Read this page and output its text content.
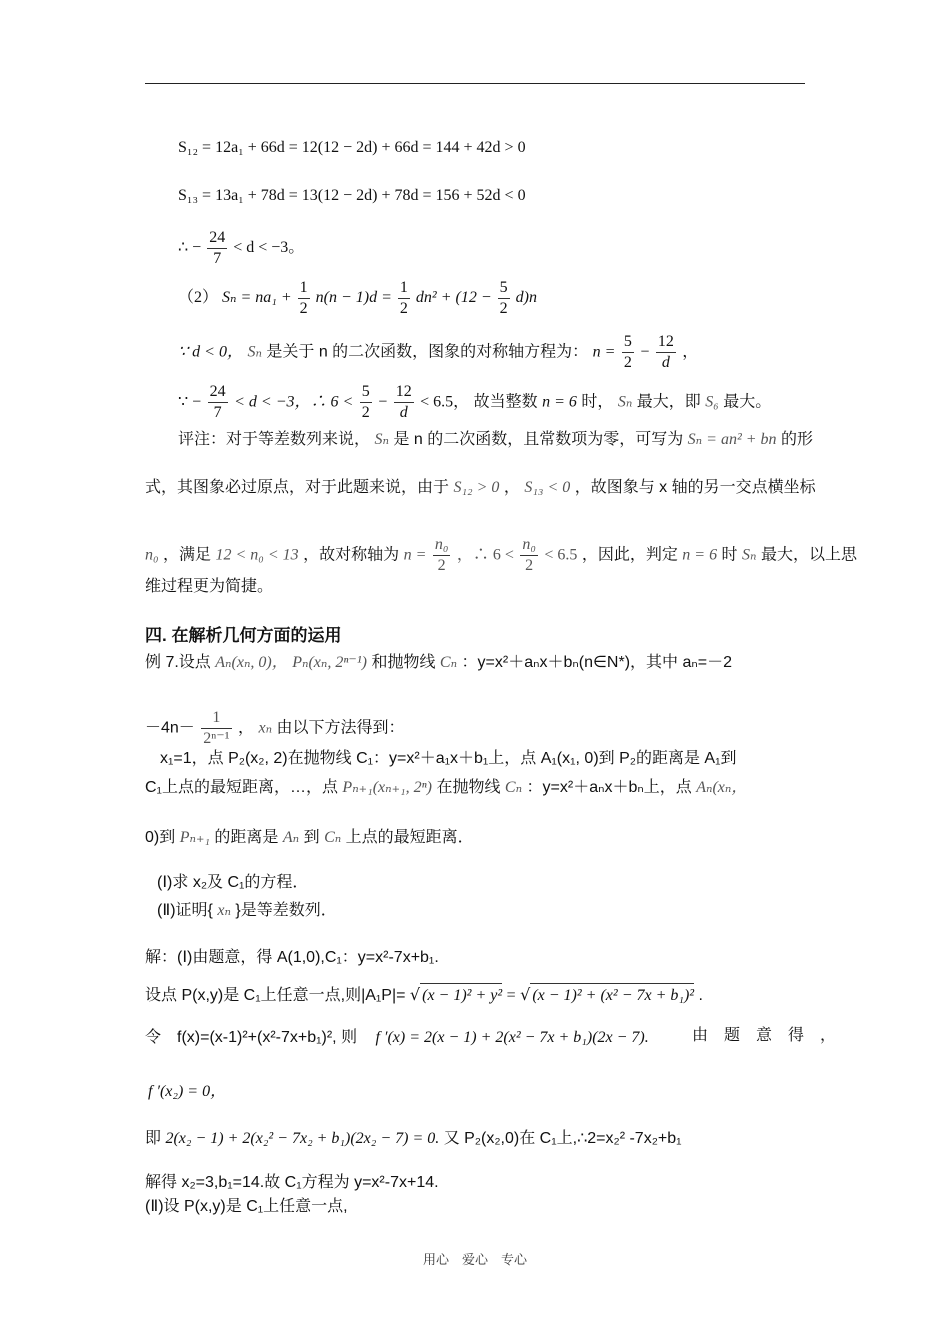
S₁₂ = 12a₁ + 66d = 12(12 − 2d) + 66d = 144 + 42d > 0
S₁₃ = 13a₁ + 78d = 13(12 − 2d) + 78d = 156 + 52d < 0
∴ − $\frac{24}{7} < d < -3$。
（2） $S_n = na_1 + \frac{1}{2} n(n - 1)d = \frac{1}{2} dn^2 + (12 - \frac{5}{2} d)n$
∵ d < 0， Sₙ 是关于 n 的二次函数，图象的对称轴方程为： $n = \frac{5}{2} - \frac{12}{d}$ ，
∵ − $\frac{24}{7} < d < -3$，∴ $6 < \frac{5}{2} - \frac{12}{d} < 6.5$， 故当整数 n = 6 时， Sₙ 最大，即 S₆ 最大。
评注：对于等差数列来说， Sₙ 是 n 的二次函数，且常数项为零，可写为 Sₙ = an² + bn 的形
式，其图象必过原点，对于此题来说，由于 S₁₂ > 0 ， S₁₃ < 0 ，故图象与 x 轴的另一交点横坐标
n₀ ，满足 12 < n₀ < 13 ，故对称轴为 $n = \frac{\text{n₀}}{2}$ ，∴ $6 < \frac{\text{n₀}}{2} < 6.5$ ，因此，判定 n = 6 时 Sₙ 最大，以上思
维过程更为简捷。
四. 在解析几何方面的运用
例 7.设点 Aₙ(xₙ, 0)， Pₙ(xₙ, 2ⁿ⁻¹) 和抛物线 Cₙ ：y=x²＋aₙx＋bₙ(n∈N*)，其中 aₙ=－2
$-4n- \frac{1}{\text{2ⁿ⁻¹}}$ ， xₙ 由以下方法得到：
x₁=1，点 P₂(x₂, 2)在抛物线 C₁：y=x²＋a₁x＋b₁上，点 A₁(x₁, 0)到 P₂的距离是 A₁到
C₁上点的最短距离，…，点 Pₙ₊₁(xₙ₊₁, 2ⁿ) 在抛物线 Cₙ ：y=x²＋aₙx＋bₙ上，点 Aₙ(xₙ，
0)到 Pₙ₊₁ 的距离是 Aₙ 到 Cₙ 上点的最短距离．
(Ⅰ)求 x₂及 C₁的方程．
(Ⅱ)证明{ xₙ }是等差数列．
解：(Ⅰ)由题意，得 A(1,0),C₁：y=x²-7x+b₁.
设点 P(x,y)是 C₁上任意一点,则|A₁P|= √ (x − 1)² + y² = √ (x − 1)² + (x² − 7x + b₁)² .
令　f(x)=(x-1)²+(x²-7x+b₁)², 则 f ′(x) = 2(x − 1) + 2(x² − 7x + b₁)(2x − 7).	由　题　意　得　，
f ′(x₂) = 0，
即 2(x₂ − 1) + 2(x₂² − 7x₂ + b₁)(2x₂ − 7) = 0. 又 P₂(x₂,0)在 C₁上,∴2=x₂² -7x₂+b₁
解得 x₂=3,b₁=14.故 C₁方程为 y=x²-7x+14.
(Ⅱ)设 P(x,y)是 C₁上任意一点,
用心　爱心　专心
